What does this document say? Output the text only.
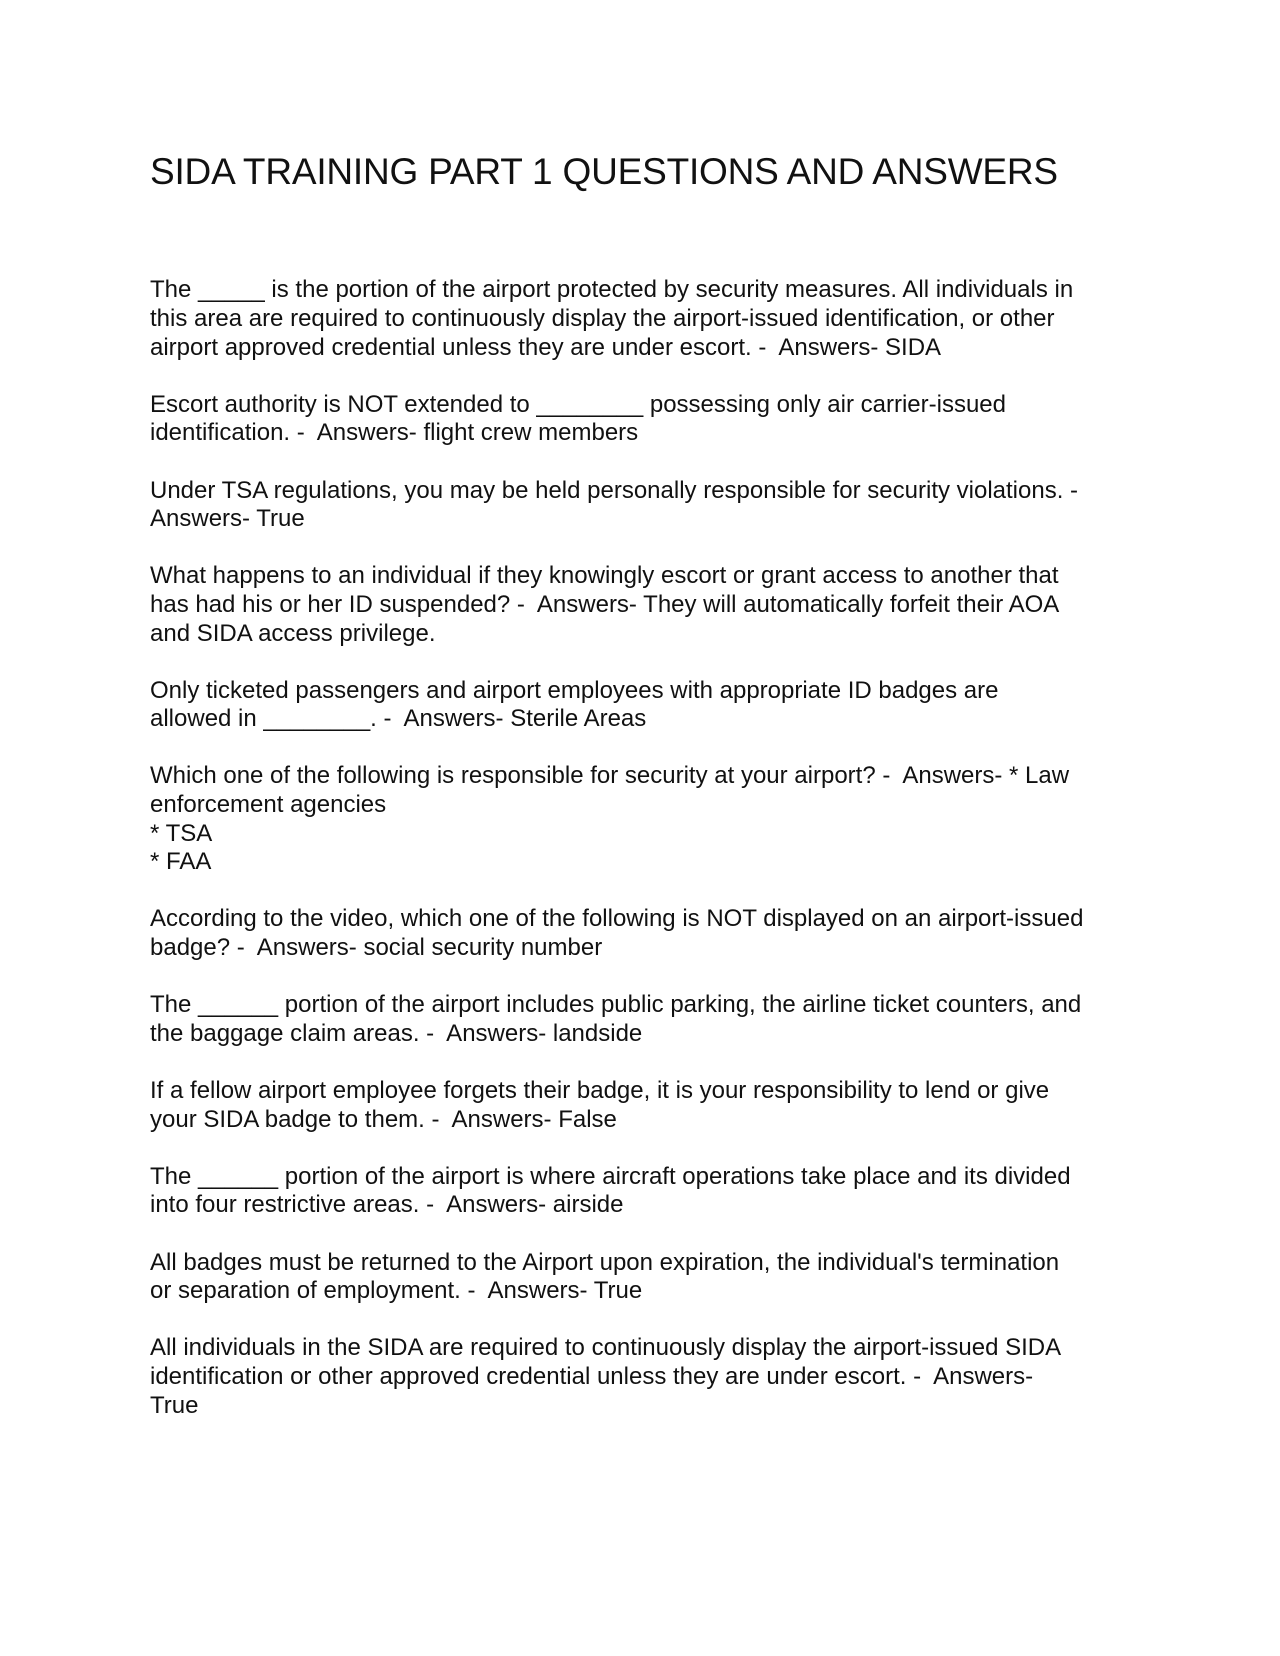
SIDA TRAINING PART 1 QUESTIONS AND ANSWERS

The _____ is the portion of the airport protected by security measures. All individuals in
this area are required to continuously display the airport-issued identification, or other
airport approved credential unless they are under escort. -  Answers- SIDA

Escort authority is NOT extended to ________ possessing only air carrier-issued
identification. -  Answers- flight crew members

Under TSA regulations, you may be held personally responsible for security violations. -
Answers- True

What happens to an individual if they knowingly escort or grant access to another that
has had his or her ID suspended? -  Answers- They will automatically forfeit their AOA
and SIDA access privilege.

Only ticketed passengers and airport employees with appropriate ID badges are
allowed in ________. -  Answers- Sterile Areas

Which one of the following is responsible for security at your airport? -  Answers- * Law
enforcement agencies
* TSA
* FAA

According to the video, which one of the following is NOT displayed on an airport-issued
badge? -  Answers- social security number

The ______ portion of the airport includes public parking, the airline ticket counters, and
the baggage claim areas. -  Answers- landside

If a fellow airport employee forgets their badge, it is your responsibility to lend or give
your SIDA badge to them. -  Answers- False

The ______ portion of the airport is where aircraft operations take place and its divided
into four restrictive areas. -  Answers- airside

All badges must be returned to the Airport upon expiration, the individual's termination
or separation of employment. -  Answers- True

All individuals in the SIDA are required to continuously display the airport-issued SIDA
identification or other approved credential unless they are under escort. -  Answers-
True
